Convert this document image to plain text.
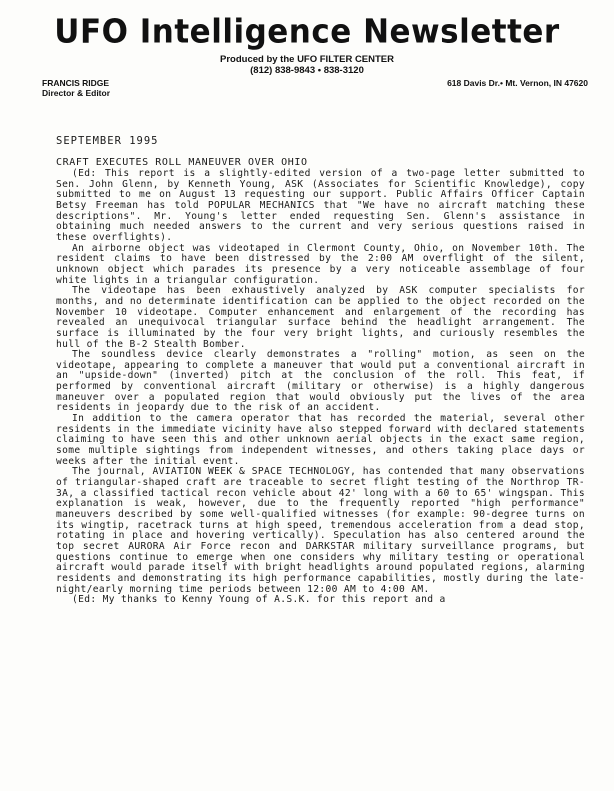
UFO Intelligence Newsletter
Produced by the UFO FILTER CENTER
(812) 838-9843 • 838-3120
FRANCIS RIDGE
Director & Editor
618 Davis Dr.• Mt. Vernon, IN 47620
SEPTEMBER 1995
CRAFT EXECUTES ROLL MANEUVER OVER OHIO

(Ed: This report is a slightly-edited version of a two-page letter submitted to Sen. John Glenn, by Kenneth Young, ASK (Associates for Scientific Knowledge), copy submitted to me on August 13 requesting our support. Public Affairs Officer Captain Betsy Freeman has told POPULAR MECHANICS that "We have no aircraft matching these descriptions". Mr. Young's letter ended requesting Sen. Glenn's assistance in obtaining much needed answers to the current and very serious questions raised in these overflights).

An airborne object was videotaped in Clermont County, Ohio, on November 10th. The resident claims to have been distressed by the 2:00 AM overflight of the silent, unknown object which parades its presence by a very noticeable assemblage of four white lights in a triangular configuration.

The videotape has been exhaustively analyzed by ASK computer specialists for months, and no determinate identification can be applied to the object recorded on the November 10 videotape. Computer enhancement and enlargement of the recording has revealed an unequivocal triangular surface behind the headlight arrangement. The surface is illuminated by the four very bright lights, and curiously resembles the hull of the B-2 Stealth Bomber.

The soundless device clearly demonstrates a "rolling" motion, as seen on the videotape, appearing to complete a maneuver that would put a conventional aircraft in an "upside-down" (inverted) pitch at the conclusion of the roll. This feat, if performed by conventional aircraft (military or otherwise) is a highly dangerous maneuver over a populated region that would obviously put the lives of the area residents in jeopardy due to the risk of an accident.

In addition to the camera operator that has recorded the material, several other residents in the immediate vicinity have also stepped forward with declared statements claiming to have seen this and other unknown aerial objects in the exact same region, some multiple sightings from independent witnesses, and others taking place days or weeks after the initial event.

The journal, AVIATION WEEK & SPACE TECHNOLOGY, has contended that many observations of triangular-shaped craft are traceable to secret flight testing of the Northrop TR-3A, a classified tactical recon vehicle about 42' long with a 60 to 65' wingspan. This explanation is weak, however, due to the frequently reported "high performance" maneuvers described by some well-qualified witnesses (for example: 90-degree turns on its wingtip, racetrack turns at high speed, tremendous acceleration from a dead stop, rotating in place and hovering vertically). Speculation has also centered around the top secret AURORA Air Force recon and DARKSTAR military surveillance programs, but questions continue to emerge when one considers why military testing or operational aircraft would parade itself with bright headlights around populated regions, alarming residents and demonstrating its high performance capabilities, mostly during the late-night/early morning time periods between 12:00 AM to 4:00 AM.

(Ed: My thanks to Kenny Young of A.S.K. for this report and a
